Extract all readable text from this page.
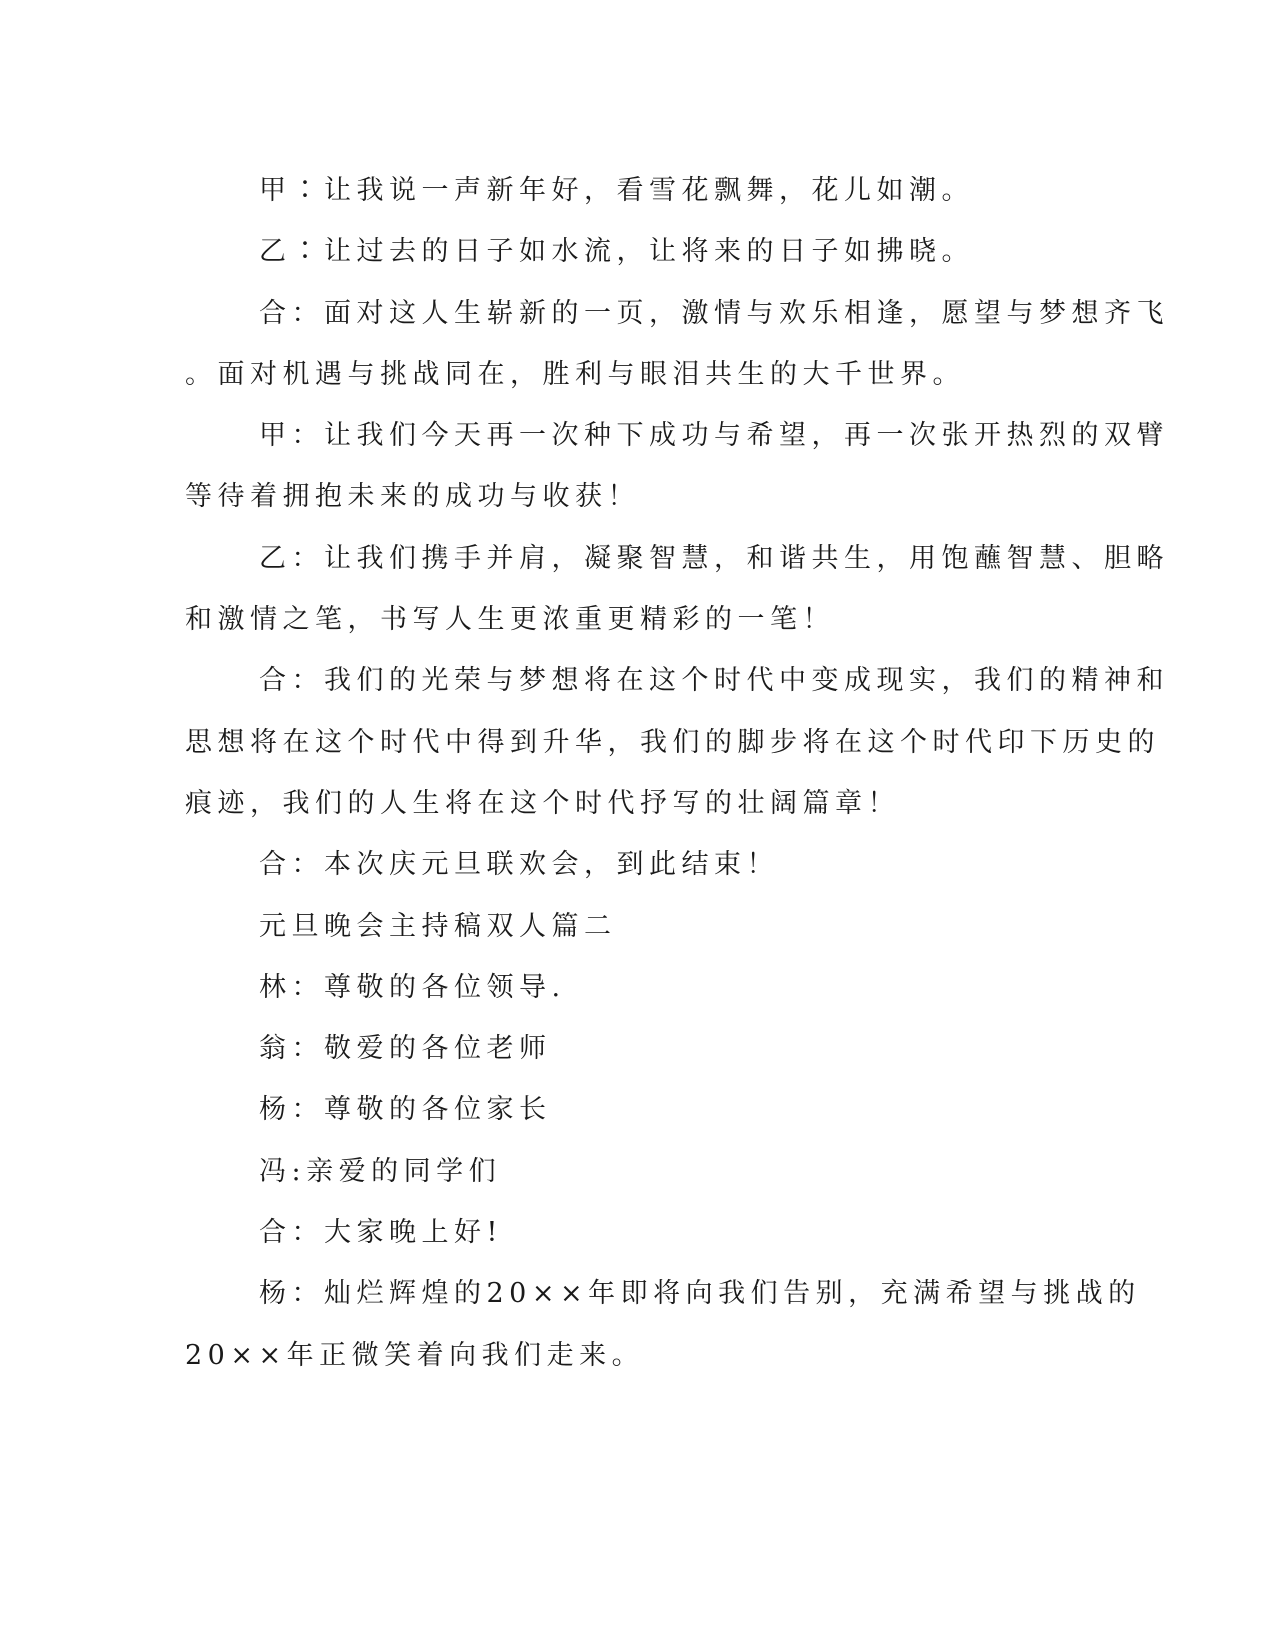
甲∶让我说一声新年好，看雪花飘舞，花儿如潮。

乙∶让过去的日子如水流，让将来的日子如拂晓。

合：面对这人生崭新的一页，激情与欢乐相逢，愿望与梦想齐飞
。面对机遇与挑战同在，胜利与眼泪共生的大千世界。

甲：让我们今天再一次种下成功与希望，再一次张开热烈的双臂
等待着拥抱未来的成功与收获！

乙：让我们携手并肩，凝聚智慧，和谐共生，用饱蘸智慧、胆略
和激情之笔，书写人生更浓重更精彩的一笔！

合：我们的光荣与梦想将在这个时代中变成现实，我们的精神和
思想将在这个时代中得到升华，我们的脚步将在这个时代印下历史的
痕迹，我们的人生将在这个时代抒写的壮阔篇章！

合：本次庆元旦联欢会，到此结束！

元旦晚会主持稿双人篇二

林：尊敬的各位领导.

翁：敬爱的各位老师

杨：尊敬的各位家长

冯:亲爱的同学们

合：大家晚上好!

杨：灿烂辉煌的20××年即将向我们告别，充满希望与挑战的
20××年正微笑着向我们走来。
